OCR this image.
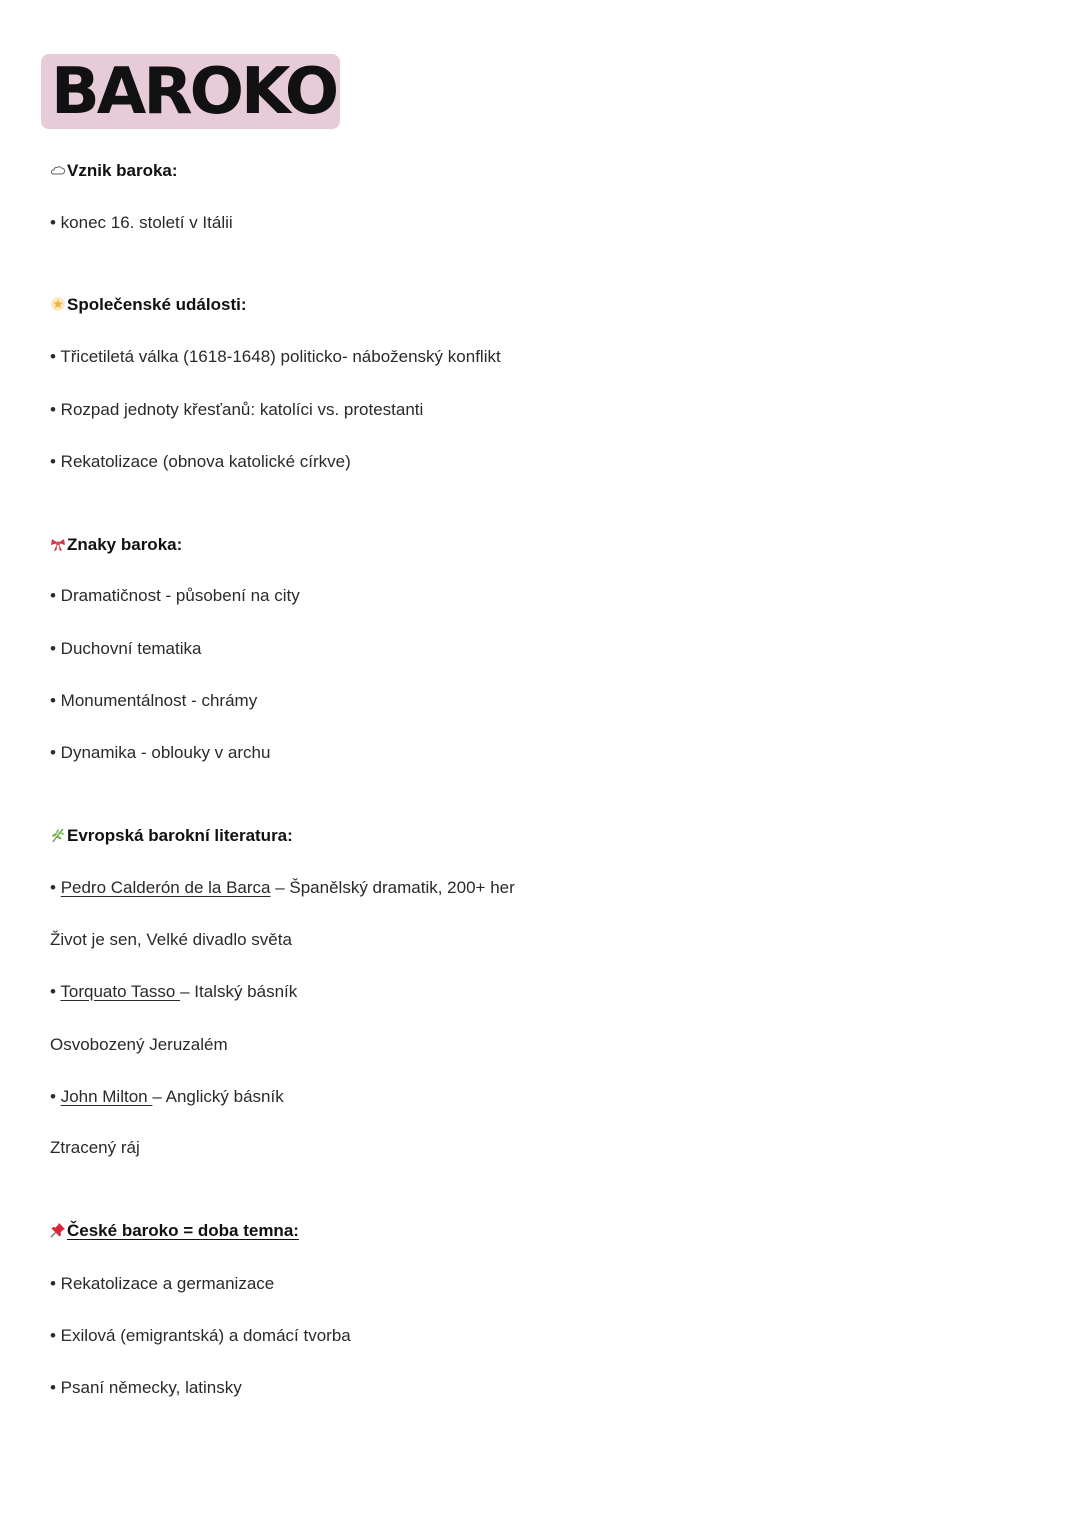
BAROKO
Vznik baroka:
• konec 16. století v Itálii
Společenské události:
• Třicetiletá válka (1618-1648) politicko- náboženský konflikt
• Rozpad jednoty křesťanů: katolíci vs. protestanti
• Rekatolizace (obnova katolické církve)
Znaky baroka:
• Dramatičnost - působení na city
• Duchovní tematika
• Monumentálnost - chrámy
• Dynamika - oblouky v archu
Evropská barokní literatura:
• Pedro Calderón de la Barca – Španělský dramatik, 200+ her
Život je sen, Velké divadlo světa
• Torquato Tasso – Italský básník
Osvobozený Jeruzalém
• John Milton – Anglický básník
Ztracený ráj
České baroko = doba temna:
• Rekatolizace a germanizace
• Exilová (emigrantská) a domácí tvorba
• Psaní německy, latinsky
